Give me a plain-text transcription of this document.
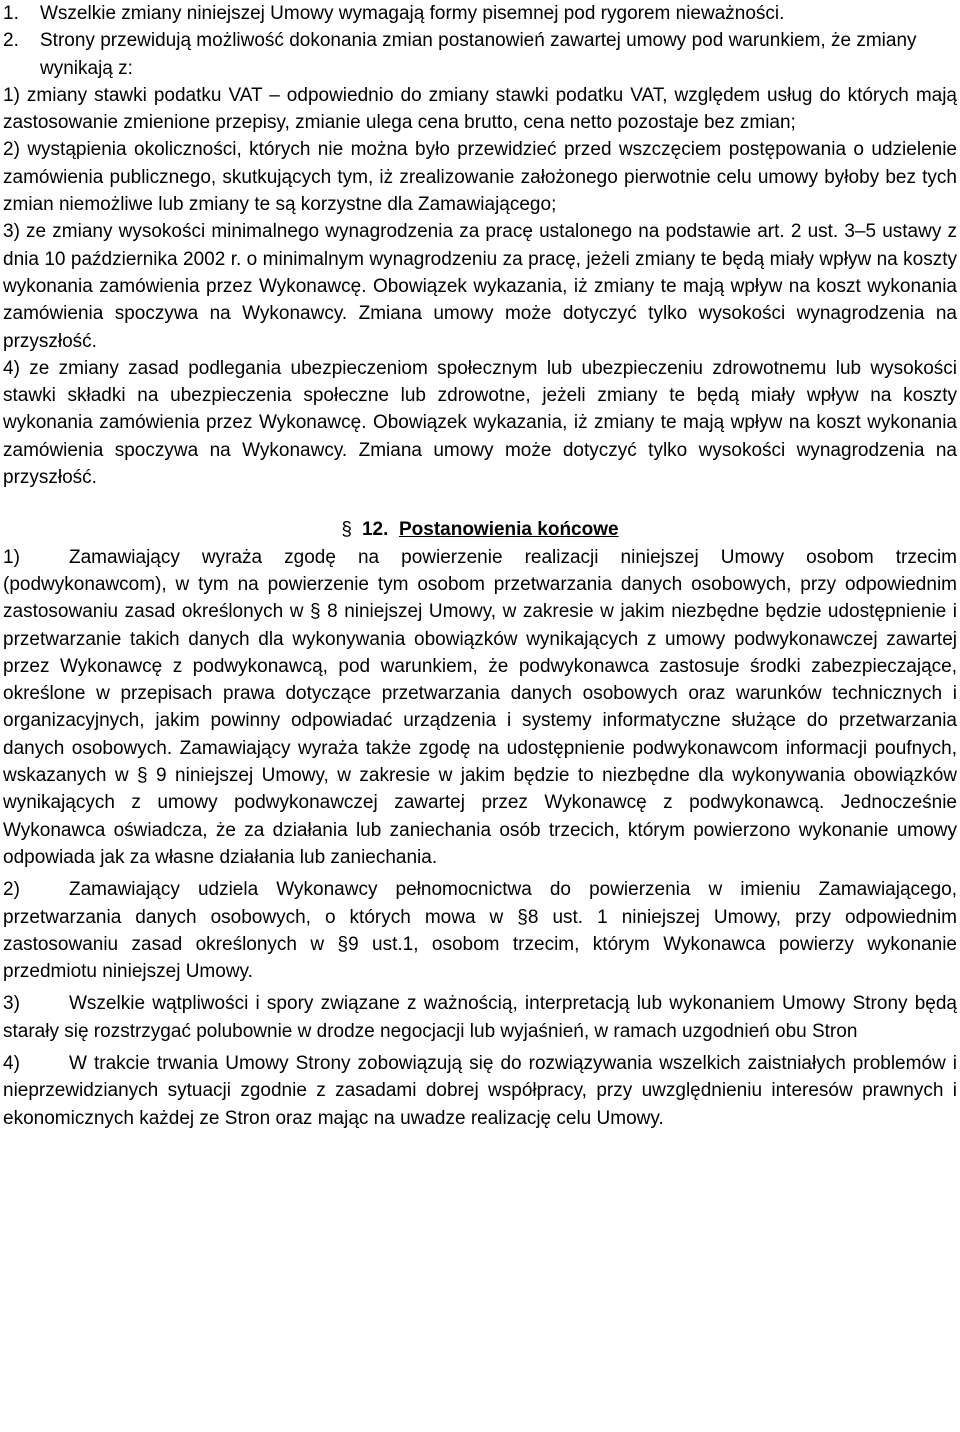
1.	Wszelkie zmiany niniejszej Umowy wymagają formy pisemnej pod rygorem nieważności.
2.	Strony przewidują możliwość dokonania zmian postanowień zawartej umowy pod warunkiem, że zmiany wynikają z:

1) zmiany stawki podatku VAT – odpowiednio do zmiany stawki podatku VAT, względem usług do których mają zastosowanie zmienione przepisy, zmianie ulega cena brutto, cena netto pozostaje bez zmian;

2) wystąpienia okoliczności, których nie można było przewidzieć przed wszczęciem postępowania o udzielenie zamówienia publicznego, skutkujących tym, iż zrealizowanie założonego pierwotnie celu umowy byłoby bez tych zmian niemożliwe lub zmiany te są korzystne dla Zamawiającego;

3) ze zmiany wysokości minimalnego wynagrodzenia za pracę ustalonego na podstawie art. 2 ust. 3–5 ustawy z dnia 10 października 2002 r. o minimalnym wynagrodzeniu za pracę, jeżeli zmiany te będą miały wpływ na koszty wykonania zamówienia przez Wykonawcę. Obowiązek wykazania, iż zmiany te mają wpływ na koszt wykonania zamówienia spoczywa na Wykonawcy. Zmiana umowy może dotyczyć tylko wysokości wynagrodzenia na przyszłość.

4) ze zmiany zasad podlegania ubezpieczeniom społecznym lub ubezpieczeniu zdrowotnemu lub wysokości stawki składki na ubezpieczenia społeczne lub zdrowotne, jeżeli zmiany te będą miały wpływ na koszty wykonania zamówienia przez Wykonawcę. Obowiązek wykazania, iż zmiany te mają wpływ na koszt wykonania zamówienia spoczywa na Wykonawcy. Zmiana umowy może dotyczyć tylko wysokości wynagrodzenia na przyszłość.

§ 12. Postanowienia końcowe

1)	Zamawiający wyraża zgodę na powierzenie realizacji niniejszej Umowy osobom trzecim (podwykonawcom), w tym na powierzenie tym osobom przetwarzania danych osobowych, przy odpowiednim zastosowaniu zasad określonych w § 8 niniejszej Umowy, w zakresie w jakim niezbędne będzie udostępnienie i przetwarzanie takich danych dla wykonywania obowiązków wynikających z umowy podwykonawczej zawartej przez Wykonawcę z podwykonawcą, pod warunkiem, że podwykonawca zastosuje środki zabezpieczające, określone w przepisach prawa dotyczące przetwarzania danych osobowych oraz warunków technicznych i organizacyjnych, jakim powinny odpowiadać urządzenia i systemy informatyczne służące do przetwarzania danych osobowych. Zamawiający wyraża także zgodę na udostępnienie podwykonawcom informacji poufnych, wskazanych w § 9 niniejszej Umowy, w zakresie w jakim będzie to niezbędne dla wykonywania obowiązków wynikających z umowy podwykonawczej zawartej przez Wykonawcę z podwykonawcą. Jednocześnie Wykonawca oświadcza, że za działania lub zaniechania osób trzecich, którym powierzono wykonanie umowy odpowiada jak za własne działania lub zaniechania.

2)	Zamawiający udziela Wykonawcy pełnomocnictwa do powierzenia w imieniu Zamawiającego, przetwarzania danych osobowych, o których mowa w §8 ust. 1 niniejszej Umowy, przy odpowiednim zastosowaniu zasad określonych w §9 ust.1, osobom trzecim, którym Wykonawca powierzy wykonanie przedmiotu niniejszej Umowy.

3)	Wszelkie wątpliwości i spory związane z ważnością, interpretacją lub wykonaniem Umowy Strony będą starały się rozstrzygać polubownie w drodze negocjacji lub wyjaśnień, w ramach uzgodnień obu Stron

4)	W trakcie trwania Umowy Strony zobowiązują się do rozwiązywania wszelkich zaistniałych problemów i nieprzewidzianych sytuacji zgodnie z zasadami dobrej współpracy, przy uwzględnieniu interesów prawnych i ekonomicznych każdej ze Stron oraz mając na uwadze realizację celu Umowy.
